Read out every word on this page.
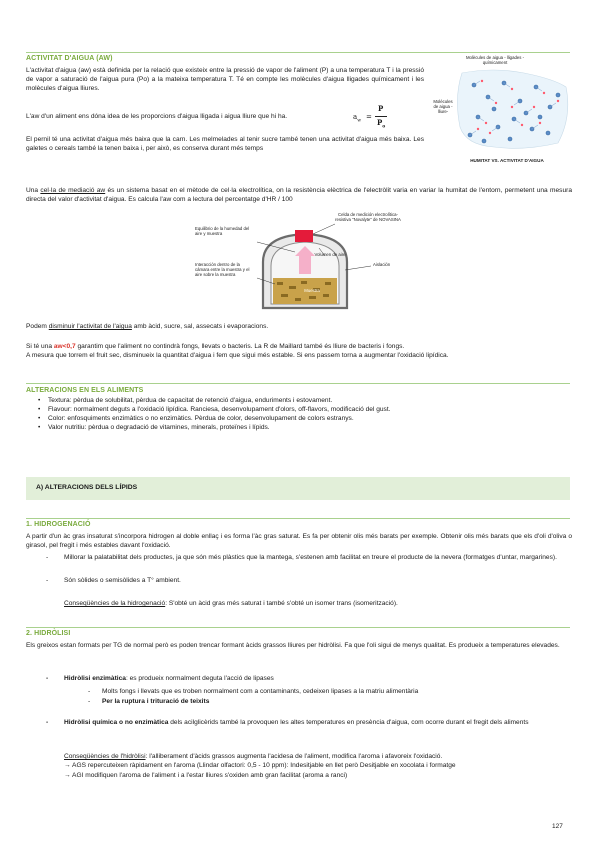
ACTIVITAT D'AIGUA (AW)

L'activitat d'aigua (aw) està definida per la relació que existeix entre la pressió de vapor de l'aliment (P) a una temperatura T i la pressió de vapor a saturació de l'aigua pura (Po) a la mateixa temperatura T. Té en compte les molècules d'aigua lligades químicament i les molècules d'aigua lliures.

L'aw d'un aliment ens dóna idea de les proporcions d'aigua lligada i aigua lliure que hi ha.	$a_w$ =
P
$P_o$

El pernil té una activitat d'aigua més baixa que la carn. Les melmelades al tenir sucre també tenen una activitat d'aigua més baixa. Les galetes o cereals també la tenen baixa i, per això, es conserva durant més temps

Molècules de aigua - lligades - químicament
Molècules de aigua - lliure-
HUMITAT VS. ACTIVITAT D'AIGUA

Una cel·la de mediació aw és un sistema basat en el mètode de cel·la electrolítica, on la resistència elèctrica de l'electròlit varia en variar la humitat de l'entorn, permetent una mesura directa del valor d'activitat d'aigua. Es calcula l'aw com a lectura del percentatge d'HR / 100

Equilibrio de la humedad del aire y muestra
Celda de medición electrolítica-resistiva "Novalyte" de NOVASINA
Volumen de aire
Aislación
Interacción dentro de la cámara entre la muestra y el aire sobre la muestra
Muestra

Podem disminuir l'activitat de l'aigua amb àcid, sucre, sal, assecats i evaporacions.

Si té una aw<0,7 garantim que l'aliment no contindrà fongs, llevats o bacteris. La R de Maillard també és lliure de bacteris i fongs.

A mesura que torrem el fruit sec, disminueix la quantitat d'aigua i fem que sigui més estable. Si ens passem torna a augmentar l'oxidació lipídica.

ALTERACIONS EN ELS ALIMENTS
• Textura: pèrdua de solubilitat, pèrdua de capacitat de retenció d'aigua, enduriments i estovament.
• Flavour: normalment deguts a l'oxidació lipídica. Ranciesa, desenvolupament d'olors, off-flavors, modificació del gust.
• Color: enfosquiments enzimàtics o no enzimàtics. Pèrdua de color, desenvolupament de colors estranys.
• Valor nutritiu: pèrdua o degradació de vitamines, minerals, proteïnes i lípids.
A) ALTERACIONS DELS LÍPIDS
1. HIDROGENACIÓ

A partir d'un àc gras insaturat s'incorpora hidrogen al doble enllaç i es forma l'àc gras saturat. Es fa per obtenir olis més barats per exemple. Obtenir olis més barats que els d'oli d'oliva o girasol, pel fregit i més estables davant l'oxidació.

- Millorar la palatabilitat dels productes, ja que són més plàstics que la mantega, s'estenen amb facilitat en treure el producte de la nevera (formatges d'untar, margarines).

- Són sòlides o semisòlides a T° ambient.

Conseqüències de la hidrogenació: S'obté un àcid gras més saturat i també s'obté un isomer trans (isomerització).

2. HIDRÒLISI

Els greixos estan formats per TG de normal però es poden trencar formant àcids grassos lliures per hidròlisi. Fa que l'oli sigui de menys qualitat. Es produeix a temperatures elevades.

- Hidròlisi enzimàtica: es produeix normalment deguta l'acció de lipases

- Molts fongs i llevats que es troben normalment com a contaminants, cedeixen lipases a la matriu alimentària

- Per la ruptura i trituració de teixits

- Hidròlisi química o no enzimàtica dels acilglicèrids també la provoquen les altes temperatures en presència d'aigua, com ocorre durant el fregit dels aliments

Conseqüències de l'hidròlisi: l'alliberament d'àcids grassos augmenta l'acidesa de l'aliment, modifica l'aroma i afavoreix l'oxidació.

→ AGS repercuteixen ràpidament en l'aroma (Llindar olfactori: 0,5 - 10 ppm): Indesitjable en llet però Desitjable en xocolata i formatge

→ AGI modifiquen l'aroma de l'aliment i a l'estar lliures s'oxiden amb gran facilitat (aroma a ranci)

127
